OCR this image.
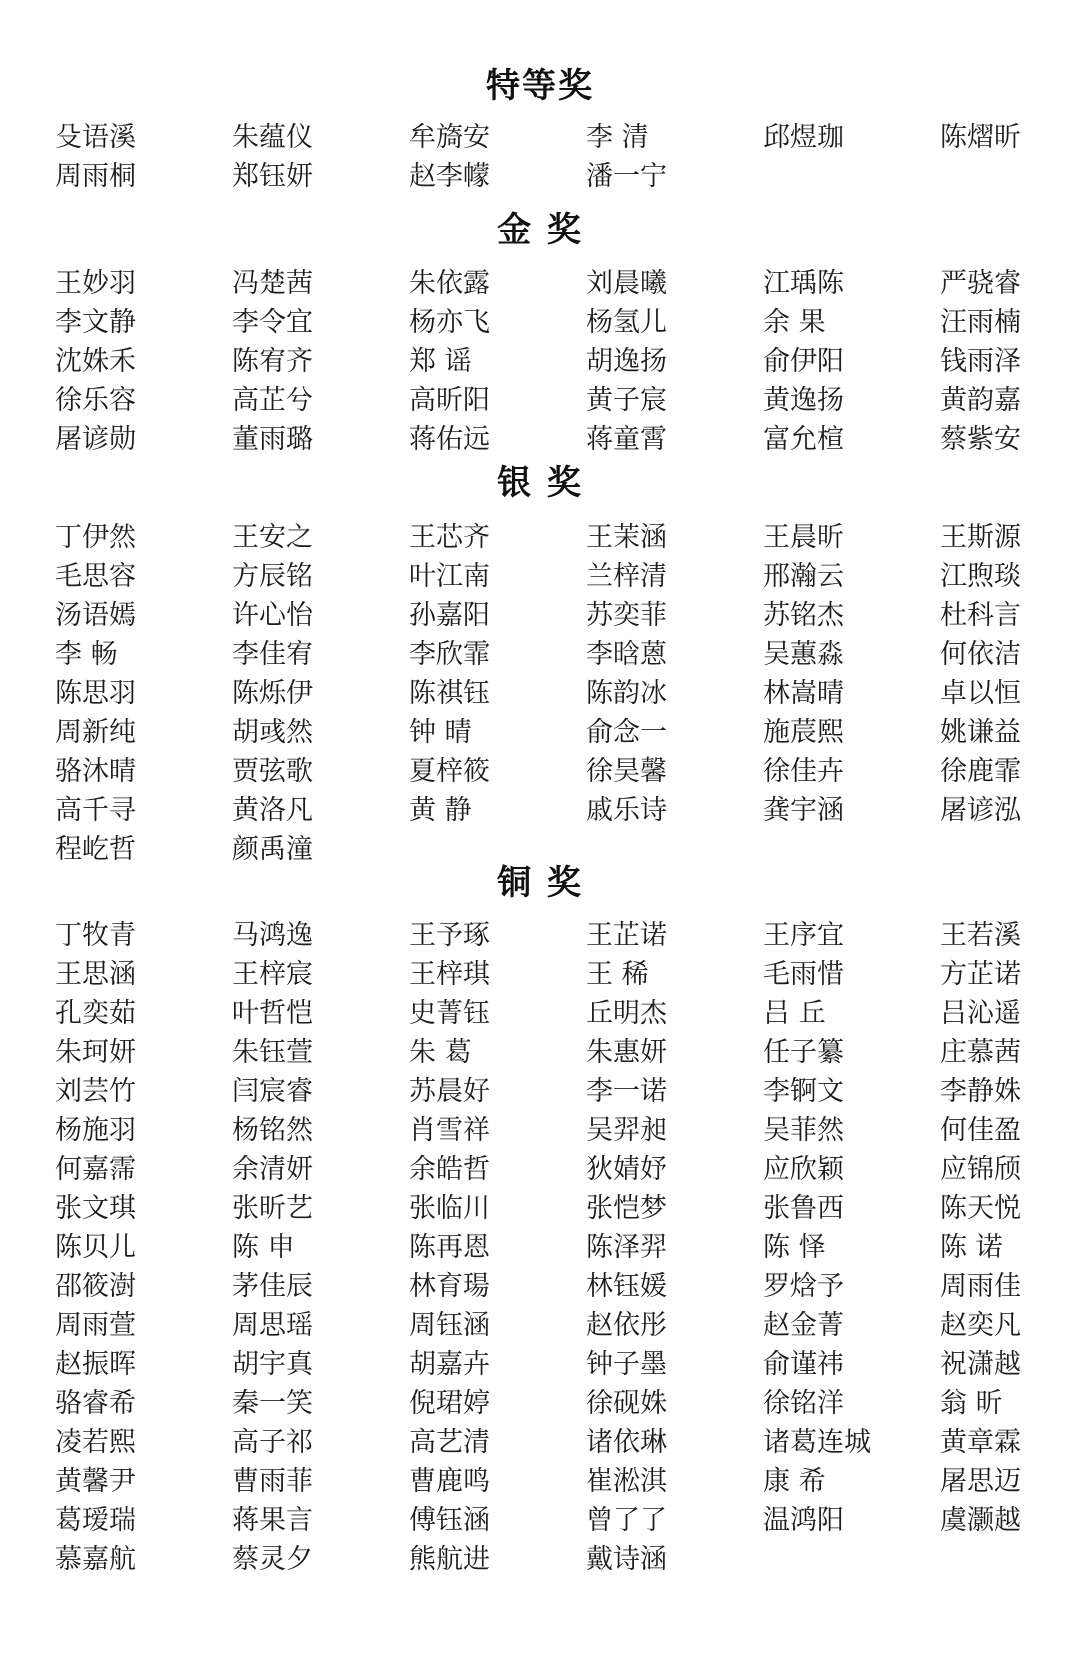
特等奖
殳语溪	朱蕴仪	牟旖安	李 清	邱煜珈	陈熠昕
周雨桐	郑钰妍	赵李幪	潘一宁
金 奖
王妙羽	冯楚茜	朱依露	刘晨曦	江瑀陈	严骁睿
李文静	李令宜	杨亦飞	杨氢儿	余 果	汪雨楠
沈姝禾	陈宥齐	郑 谣	胡逸扬	俞伊阳	钱雨泽
徐乐容	高芷兮	高昕阳	黄子宸	黄逸扬	黄韵嘉
屠谚勋	董雨璐	蒋佑远	蒋童霄	富允楦	蔡紫安
银 奖
丁伊然	王安之	王芯齐	王茉涵	王晨昕	王斯源
毛思容	方辰铭	叶江南	兰梓清	邢瀚云	江煦琰
汤语嫣	许心怡	孙嘉阳	苏奕菲	苏铭杰	杜科言
李 畅	李佳宥	李欣霏	李晗蒽	吴蕙淼	何依洁
陈思羽	陈烁伊	陈祺钰	陈韵冰	林嵩晴	卓以恒
周新纯	胡彧然	钟 晴	俞念一	施莀熙	姚谦益
骆沐晴	贾弦歌	夏梓筱	徐昊馨	徐佳卉	徐鹿霏
高千寻	黄洛凡	黄 静	戚乐诗	龚宇涵	屠谚泓
程屹哲	颜禹潼
铜 奖
丁牧青	马鸿逸	王予琢	王芷诺	王序宜	王若溪
王思涵	王梓宸	王梓琪	王 稀	毛雨惜	方芷诺
孔奕茹	叶哲恺	史菁钰	丘明杰	吕 丘	吕沁遥
朱珂妍	朱钰萱	朱 葛	朱惠妍	任子纂	庄慕茜
刘芸竹	闫宸睿	苏晨好	李一诺	李锕文	李静姝
杨施羽	杨铭然	肖雪祥	吴羿昶	吴菲然	何佳盈
何嘉霈	余清妍	余皓哲	狄婧妤	应欣颖	应锦颀
张文琪	张昕艺	张临川	张恺梦	张鲁西	陈天悦
陈贝儿	陈 申	陈再恩	陈泽羿	陈 怿	陈 诺
邵筱澍	茅佳辰	林育瑒	林钰媛	罗焓予	周雨佳
周雨萱	周思瑶	周钰涵	赵依彤	赵金菁	赵奕凡
赵振晖	胡宇真	胡嘉卉	钟子墨	俞谨祎	祝潇越
骆睿希	秦一笑	倪珺婷	徐砚姝	徐铭洋	翁 昕
凌若熙	高子祁	高艺清	诸依琳	诸葛连城	黄章霖
黄馨尹	曹雨菲	曹鹿鸣	崔淞淇	康 希	屠思迈
葛瑷瑞	蒋果言	傅钰涵	曾了了	温鸿阳	虞灏越
慕嘉航	蔡灵夕	熊航进	戴诗涵
